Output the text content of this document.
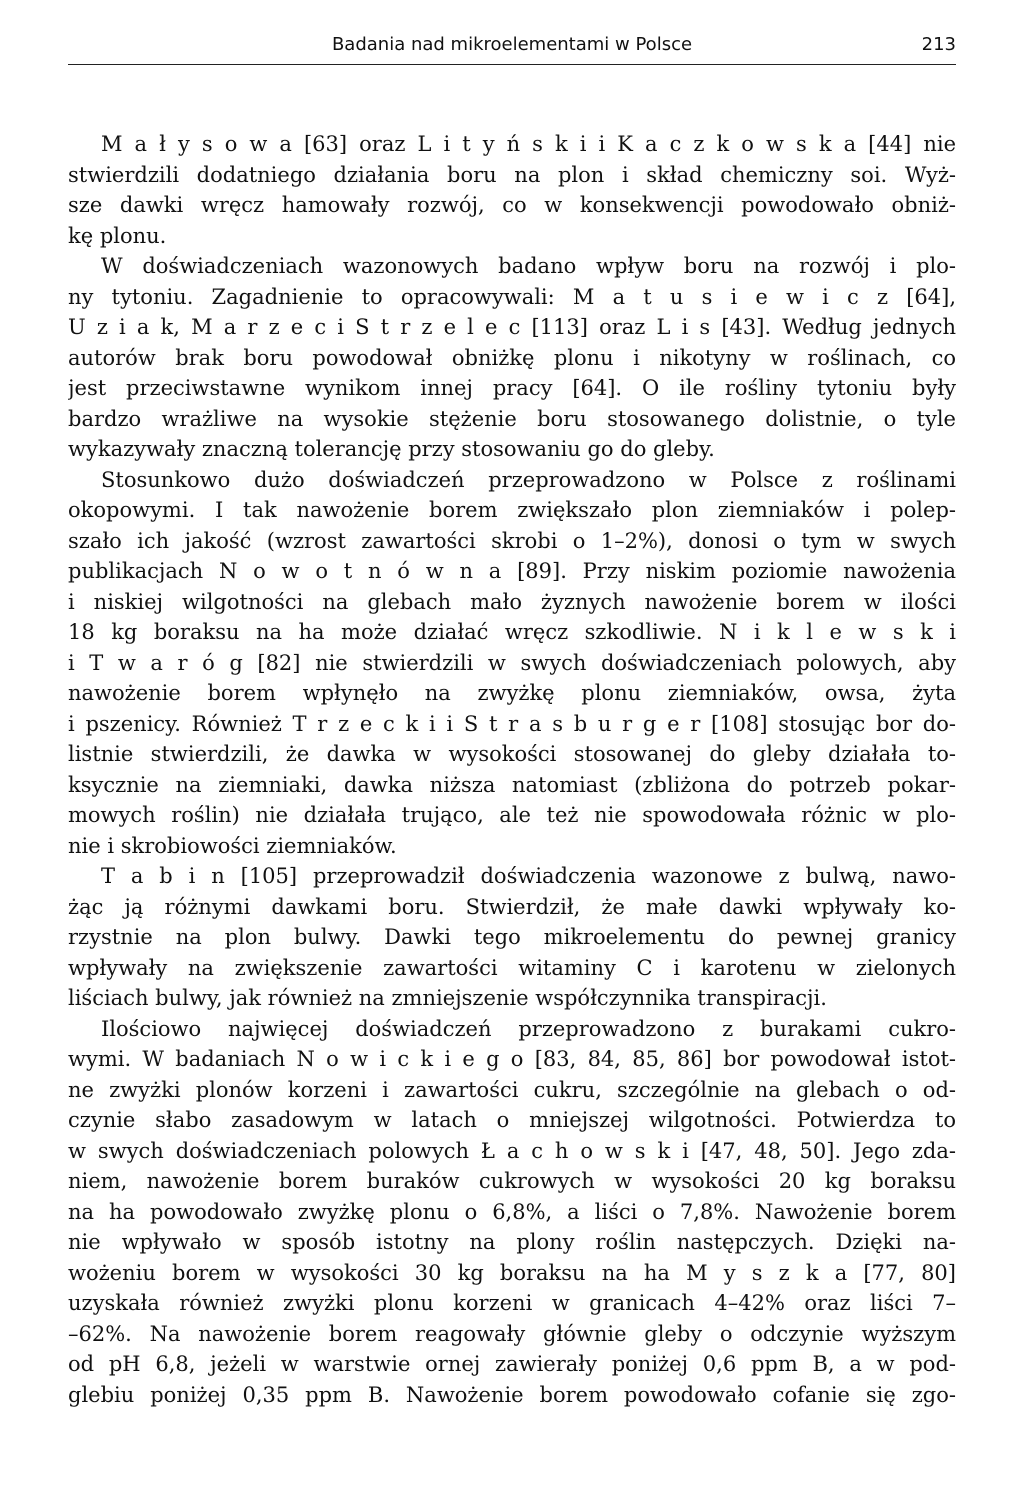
Badania nad mikroelementami w Polsce	213
M a ł y s o w a [63] oraz L i t y ń s k i i K a c z k o w s k a [44] nie
stwierdzili dodatniego działania boru na plon i skład chemiczny soi. Wyż-
sze dawki wręcz hamowały rozwój, co w konsekwencji powodowało obniż-
kę plonu.
W doświadczeniach wazonowych badano wpływ boru na rozwój i plo-
ny tytoniu. Zagadnienie to opracowywali: M a t u s i e w i c z [64],
U z i a k, M a r z e c i S t r z e l e c [113] oraz L i s [43]. Według jednych
autorów brak boru powodował obniżkę plonu i nikotyny w roślinach, co
jest przeciwstawne wynikom innej pracy [64]. O ile rośliny tytoniu były
bardzo wrażliwe na wysokie stężenie boru stosowanego dolistnie, o tyle
wykazywały znaczną tolerancję przy stosowaniu go do gleby.
Stosunkowo dużo doświadczeń przeprowadzono w Polsce z roślinami
okopowymi. I tak nawożenie borem zwiększało plon ziemniaków i polep-
szało ich jakość (wzrost zawartości skrobi o 1–2%), donosi o tym w swych
publikacjach N o w o t n ó w n a [89]. Przy niskim poziomie nawożenia
i niskiej wilgotności na glebach mało żyznych nawożenie borem w ilości
18 kg boraksu na ha może działać wręcz szkodliwie. N i k l e w s k i
i T w a r ó g [82] nie stwierdzili w swych doświadczeniach polowych, aby
nawożenie borem wpłynęło na zwyżkę plonu ziemniaków, owsa, żyta
i pszenicy. Również T r z e c k i i S t r a s b u r g e r [108] stosując bor do-
listnie stwierdzili, że dawka w wysokości stosowanej do gleby działała to-
ksycznie na ziemniaki, dawka niższa natomiast (zbliżona do potrzeb pokar-
mowych roślin) nie działała trująco, ale też nie spowodowała różnic w plo-
nie i skrobiowości ziemniaków.
T a b i n [105] przeprowadził doświadczenia wazonowe z bulwą, nawo-
żąc ją różnymi dawkami boru. Stwierdził, że małe dawki wpływały ko-
rzystnie na plon bulwy. Dawki tego mikroelementu do pewnej granicy
wpływały na zwiększenie zawartości witaminy C i karotenu w zielonych
liściach bulwy, jak również na zmniejszenie współczynnika transpiracji.
Ilościowo najwięcej doświadczeń przeprowadzono z burakami cukro-
wymi. W badaniach N o w i c k i e g o [83, 84, 85, 86] bor powodował istot-
ne zwyżki plonów korzeni i zawartości cukru, szczególnie na glebach o od-
czynie słabo zasadowym w latach o mniejszej wilgotności. Potwierdza to
w swych doświadczeniach polowych Ł a c h o w s k i [47, 48, 50]. Jego zda-
niem, nawożenie borem buraków cukrowych w wysokości 20 kg boraksu
na ha powodowało zwyżkę plonu o 6,8%, a liści o 7,8%. Nawożenie borem
nie wpływało w sposób istotny na plony roślin następczych. Dzięki na-
wożeniu borem w wysokości 30 kg boraksu na ha M y s z k a [77, 80]
uzyskała również zwyżki plonu korzeni w granicach 4–42% oraz liści 7–
–62%. Na nawożenie borem reagowały głównie gleby o odczynie wyższym
od pH 6,8, jeżeli w warstwie ornej zawierały poniżej 0,6 ppm B, a w pod-
glebiu poniżej 0,35 ppm B. Nawożenie borem powodowało cofanie się zgo-
